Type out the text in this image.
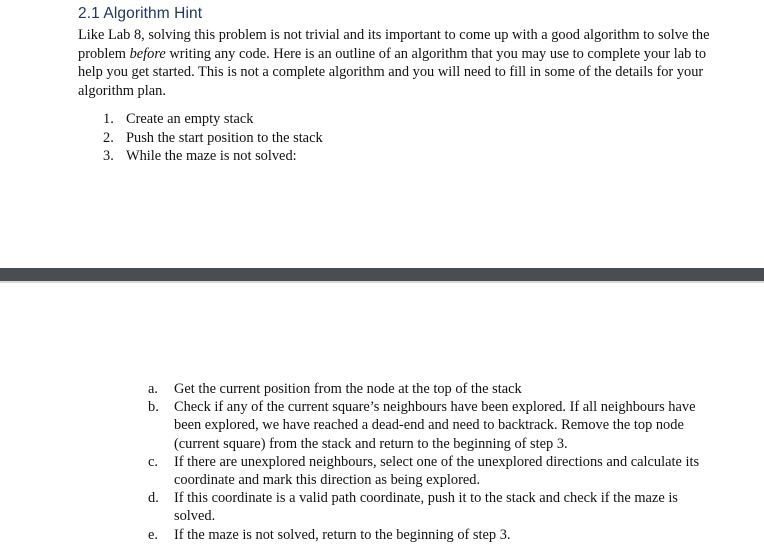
2.1 Algorithm Hint

Like Lab 8, solving this problem is not trivial and its important to come up with a good algorithm to solve the problem before writing any code. Here is an outline of an algorithm that you may use to complete your lab to help you get started. This is not a complete algorithm and you will need to fill in some of the details for your algorithm plan.

1. Create an empty stack
2. Push the start position to the stack
3. While the maze is not solved:
a.	Get the current position from the node at the top of the stack
b.	Check if any of the current square’s neighbours have been explored. If all neighbours have been explored, we have reached a dead-end and need to backtrack. Remove the top node (current square) from the stack and return to the beginning of step 3.
c.	If there are unexplored neighbours, select one of the unexplored directions and calculate its coordinate and mark this direction as being explored.
d.	If this coordinate is a valid path coordinate, push it to the stack and check if the maze is solved.
e.	If the maze is not solved, return to the beginning of step 3.
